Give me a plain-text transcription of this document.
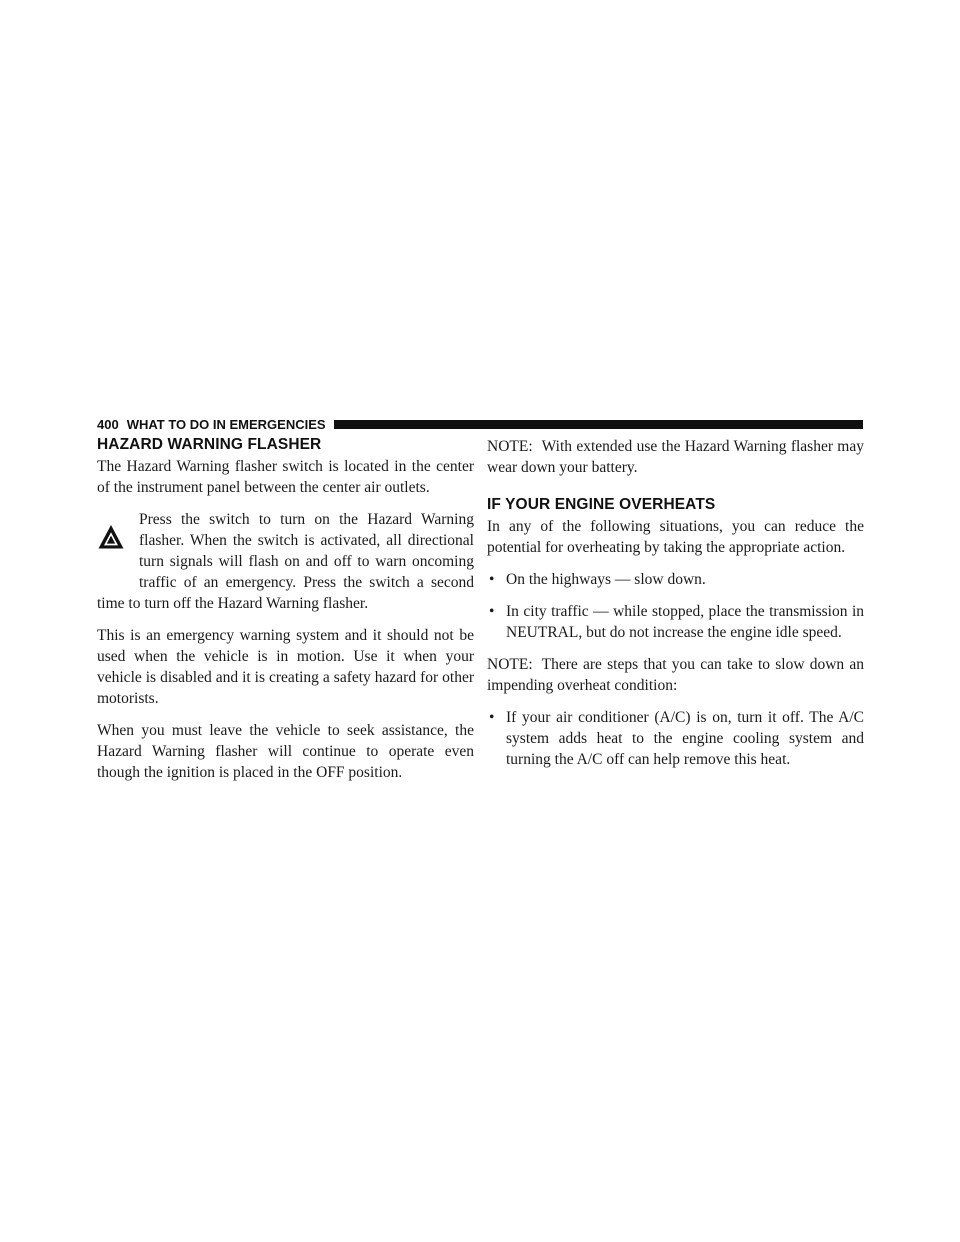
400 WHAT TO DO IN EMERGENCIES
HAZARD WARNING FLASHER

The Hazard Warning flasher switch is located in the center of the instrument panel between the center air outlets.

Press the switch to turn on the Hazard Warning flasher. When the switch is activated, all directional turn signals will flash on and off to warn oncoming traffic of an emergency. Press the switch a second time to turn off the Hazard Warning flasher.

This is an emergency warning system and it should not be used when the vehicle is in motion. Use it when your vehicle is disabled and it is creating a safety hazard for other motorists.

When you must leave the vehicle to seek assistance, the Hazard Warning flasher will continue to operate even though the ignition is placed in the OFF position.

NOTE: With extended use the Hazard Warning flasher may wear down your battery.

IF YOUR ENGINE OVERHEATS

In any of the following situations, you can reduce the potential for overheating by taking the appropriate action.

• On the highways — slow down.
• In city traffic — while stopped, place the transmission in NEUTRAL, but do not increase the engine idle speed.

NOTE: There are steps that you can take to slow down an impending overheat condition:

• If your air conditioner (A/C) is on, turn it off. The A/C system adds heat to the engine cooling system and turning the A/C off can help remove this heat.
